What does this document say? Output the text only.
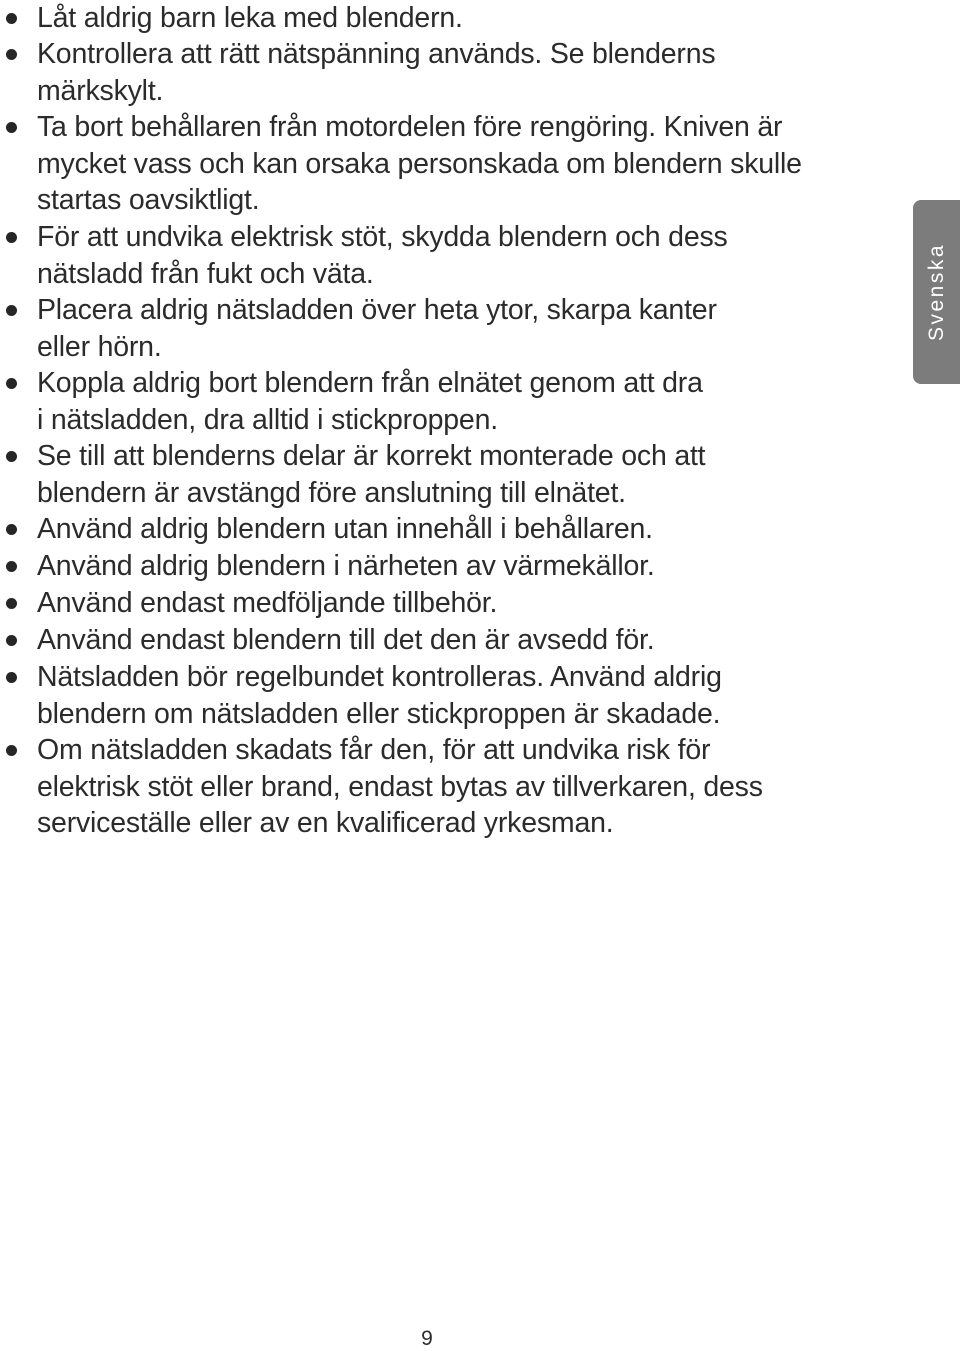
Låt aldrig barn leka med blendern.
Kontrollera att rätt nätspänning används. Se blenderns
märkskylt.
Ta bort behållaren från motordelen före rengöring. Kniven är
mycket vass och kan orsaka personskada om blendern skulle
startas oavsiktligt.
För att undvika elektrisk stöt, skydda blendern och dess
nätsladd från fukt och väta.
Placera aldrig nätsladden över heta ytor, skarpa kanter
eller hörn.
Koppla aldrig bort blendern från elnätet genom att dra
i nätsladden, dra alltid i stickproppen.
Se till att blenderns delar är korrekt monterade och att
blendern är avstängd före anslutning till elnätet.
Använd aldrig blendern utan innehåll i behållaren.
Använd aldrig blendern i närheten av värmekällor.
Använd endast medföljande tillbehör.
Använd endast blendern till det den är avsedd för.
Nätsladden bör regelbundet kontrolleras. Använd aldrig
blendern om nätsladden eller stickproppen är skadade.
Om nätsladden skadats får den, för att undvika risk för
elektrisk stöt eller brand, endast bytas av tillverkaren, dess
serviceställe eller av en kvalificerad yrkesman.
Svenska
9
